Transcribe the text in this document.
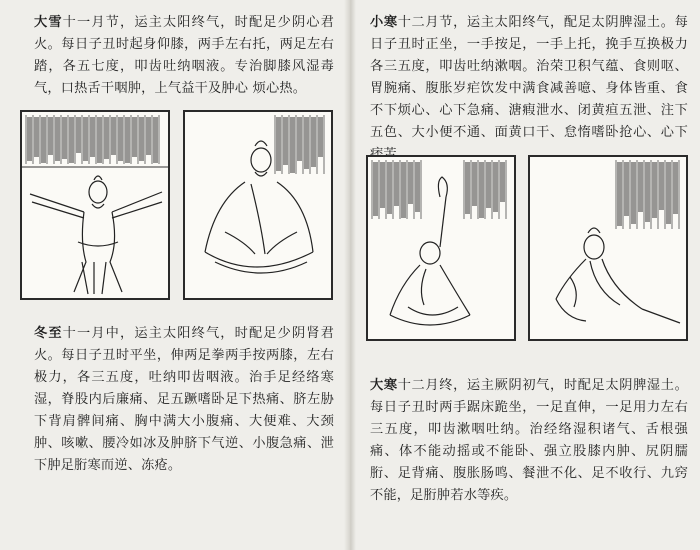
大雪十一月节，运主太阳终气，时配足少阴心君火。每日子丑时起身仰膝，两手左右托，两足左右踏，各五七度，叩齿吐纳咽液。专治脚膝风湿毒气，口热舌干咽肿，上气益干及肿心 烦心热。
冬至十一月中，运主太阳终气，时配足少阴肾君火。每日子丑时平坐，伸两足拳两手按两膝，左右极力，各三五度，吐纳叩齿咽液。治手足经络寒湿，脊股内后廉痛、足五蹶嗜卧足下热痛、脐左胁下背肩髀间痛、胸中满大小腹痛、大便难、大颈肿、咳嗽、腰冷如冰及肿脐下气逆、小腹急痛、泄下肿足胻寒而逆、冻疮。
小寒十二月节，运主太阳终气，配足太阴脾湿土。每日子丑时正坐，一手按足，一手上托，挽手互换极力各三五度，叩齿吐纳漱咽。治荣卫积气蕴、食则呕、胃腕痛、腹胀岁疟饮发中满食减善噫、身体皆重、食不下烦心、心下急痛、溏瘕泄水、闭黄疸五泄、注下五色、大小便不通、面黄口干、怠惰嗜卧抢心、心下
大寒十二月终，运主厥阴初气，时配足太阴脾湿土。每日子丑时两手踞床跪坐，一足直伸，一足用力左右三五度，叩齿漱咽吐纳。治经络湿积诸气、舌根强痛、体不能动摇或不能卧、强立股膝内肿、尻阴臑胻、足背痛、腹胀肠鸣、餐泄不化、足不收行、九窍不能，足胻肿若水等疾。
